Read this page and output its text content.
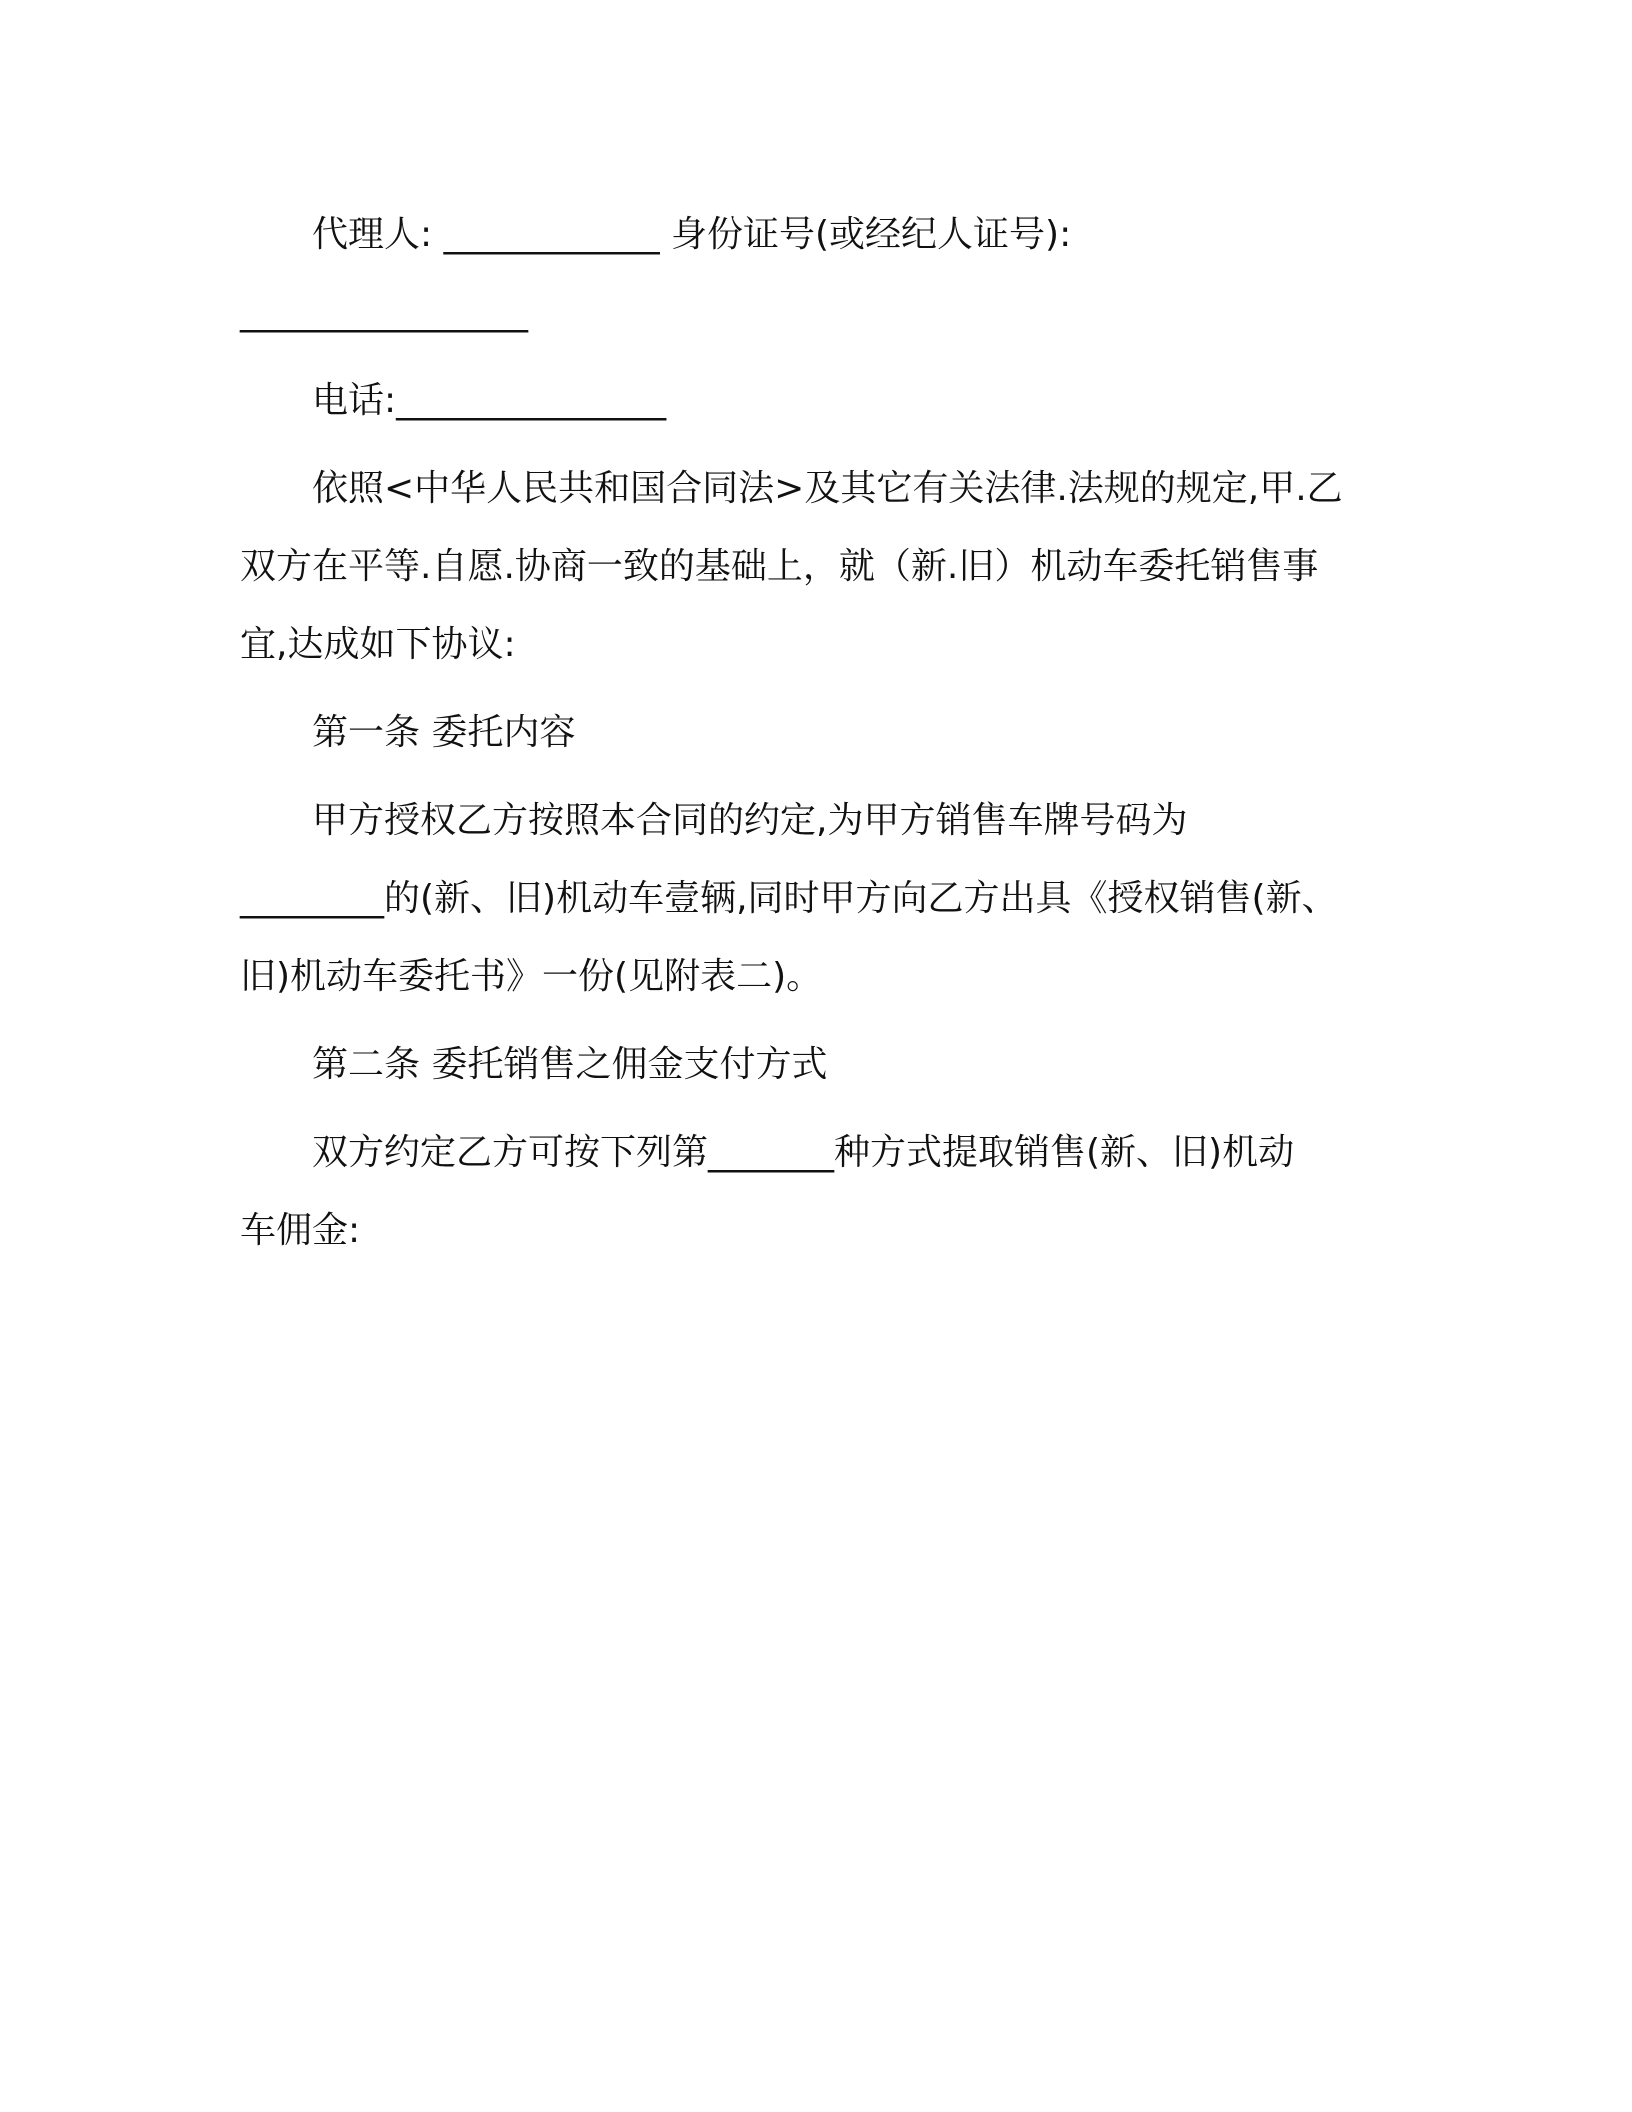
代理人: ____________ 身份证号(或经纪人证号):
________________
电话:_______________
依照<中华人民共和国合同法>及其它有关法律.法规的规定,甲.乙
双方在平等.自愿.协商一致的基础上，就（新.旧）机动车委托销售事
宜,达成如下协议:
第一条 委托内容
甲方授权乙方按照本合同的约定,为甲方销售车牌号码为
________的(新、旧)机动车壹辆,同时甲方向乙方出具《授权销售(新、
旧)机动车委托书》一份(见附表二)。
第二条 委托销售之佣金支付方式
双方约定乙方可按下列第_______种方式提取销售(新、旧)机动
车佣金:
